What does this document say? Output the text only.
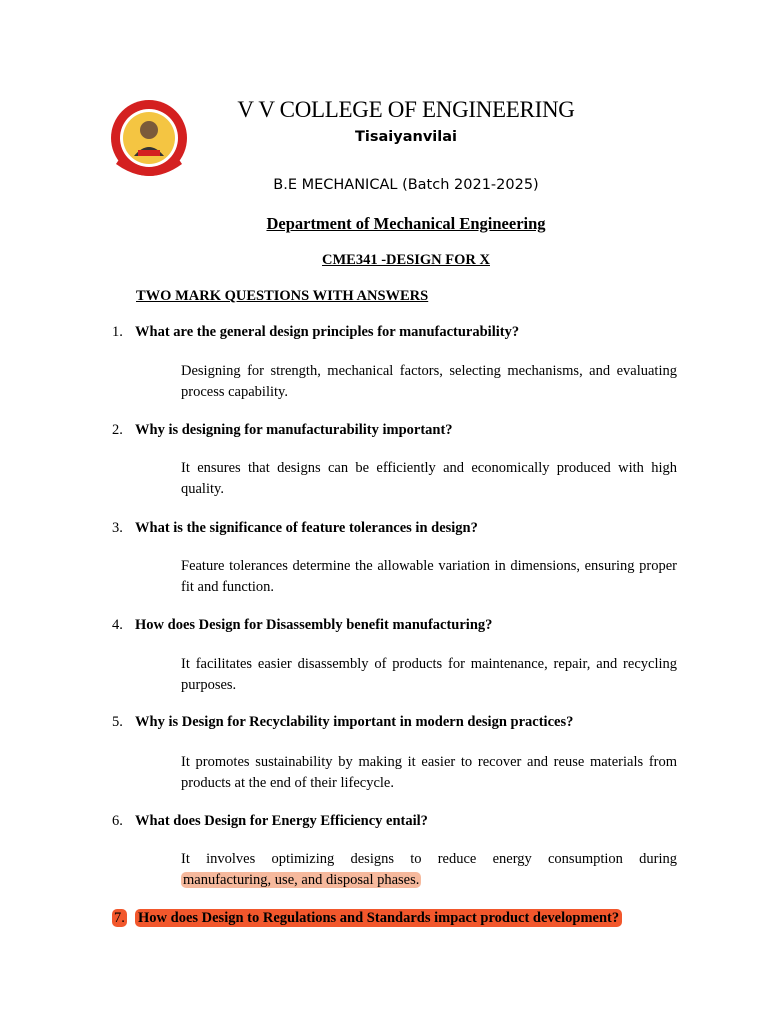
V V COLLEGE OF ENGINEERING
Tisaiyanvilai
B.E MECHANICAL (Batch 2021-2025)
Department of Mechanical Engineering
CME341 -DESIGN FOR X
TWO MARK QUESTIONS WITH ANSWERS
1. What are the general design principles for manufacturability?
Designing for strength, mechanical factors, selecting mechanisms, and evaluating process capability.
2. Why is designing for manufacturability important?
It ensures that designs can be efficiently and economically produced with high quality.
3. What is the significance of feature tolerances in design?
Feature tolerances determine the allowable variation in dimensions, ensuring proper fit and function.
4. How does Design for Disassembly benefit manufacturing?
It facilitates easier disassembly of products for maintenance, repair, and recycling purposes.
5. Why is Design for Recyclability important in modern design practices?
It promotes sustainability by making it easier to recover and reuse materials from products at the end of their lifecycle.
6. What does Design for Energy Efficiency entail?
It involves optimizing designs to reduce energy consumption during
manufacturing, use, and disposal phases.
7. How does Design to Regulations and Standards impact product development?
